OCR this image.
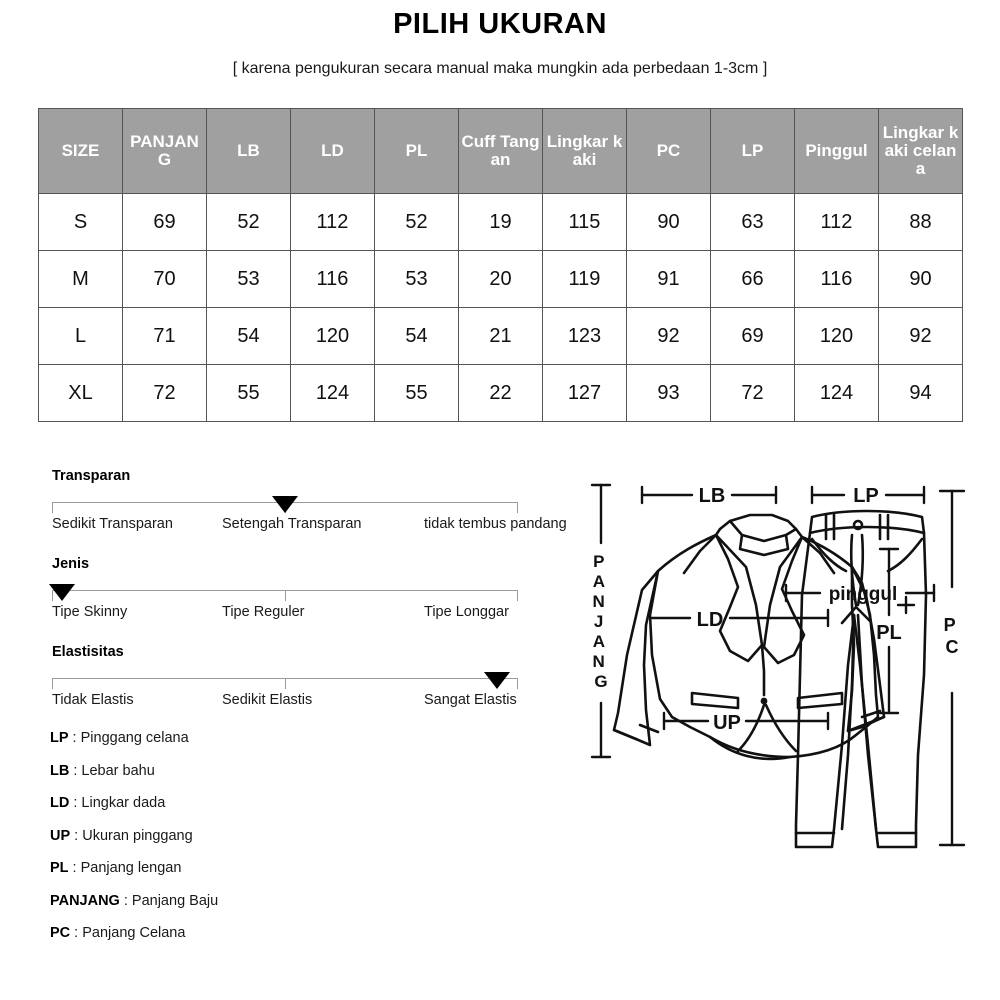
PILIH UKURAN
[ karena pengukuran secara manual maka mungkin ada perbedaan 1-3cm ]
SIZE	PANJANG	LB	LD	PL	Cuff Tangan	Lingkar kaki	PC	LP	Pinggul	Lingkar kaki celana
S	69	52	112	52	19	115	90	63	112	88
M	70	53	116	53	20	119	91	66	116	90
L	71	54	120	54	21	123	92	69	120	92
XL	72	55	124	55	22	127	93	72	124	94
Transparan
Sedikit Transparan	Setengah Transparan	tidak tembus pandang
Jenis
Tipe Skinny	Tipe Reguler	Tipe Longgar
Elastisitas
Tidak Elastis	Sedikit Elastis	Sangat Elastis
LP : Pinggang celana
LB : Lebar bahu
LD : Lingkar dada
UP : Ukuran pinggang
PL : Panjang lengan
PANJANG : Panjang Baju
PC : Panjang Celana
LB
P A N J A N G
LD
UP
PL
LP
pinggul
P C
